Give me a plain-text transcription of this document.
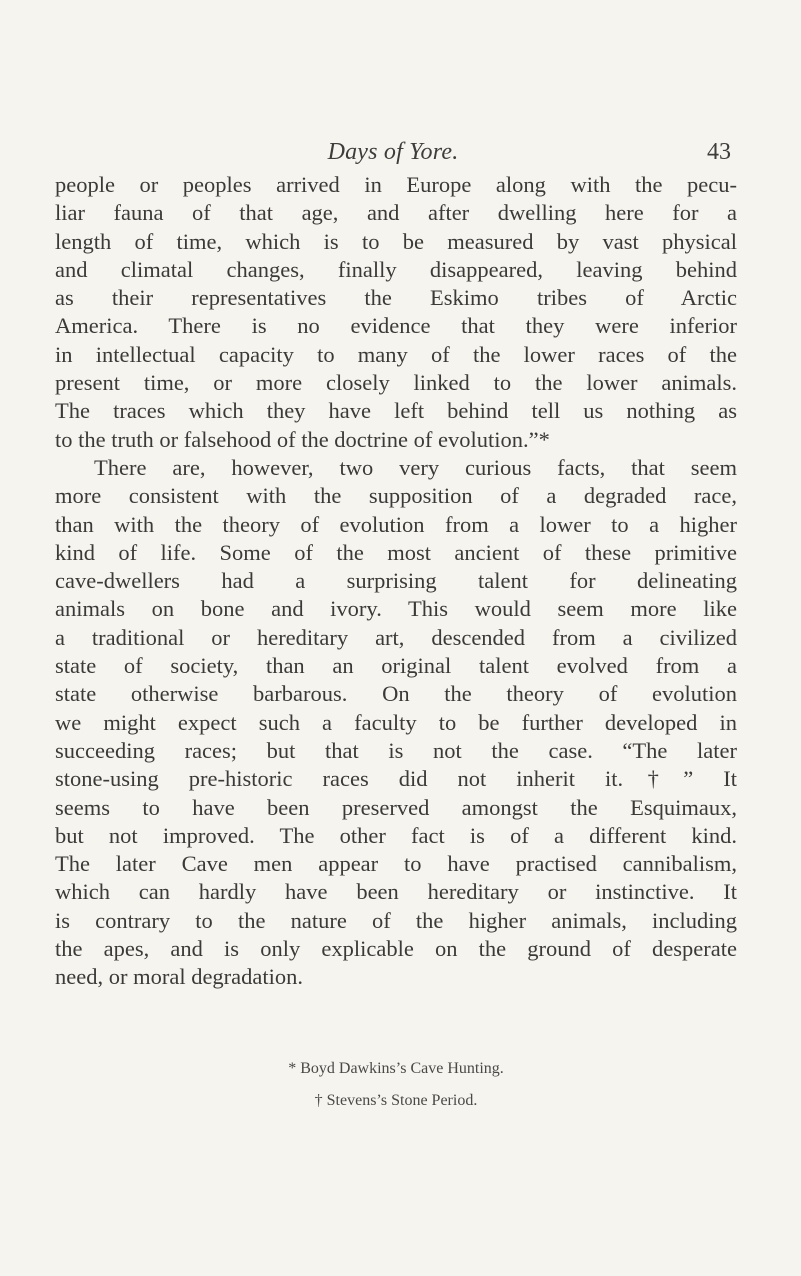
Days of Yore.	43
people or peoples arrived in Europe along with the pecu-
liar fauna of that age, and after dwelling here for a
length of time, which is to be measured by vast physical
and climatal changes, finally disappeared, leaving behind
as their representatives the Eskimo tribes of Arctic
America. There is no evidence that they were inferior
in intellectual capacity to many of the lower races of the
present time, or more closely linked to the lower animals.
The traces which they have left behind tell us nothing as
to the truth or falsehood of the doctrine of evolution.”*
There are, however, two very curious facts, that seem
more consistent with the supposition of a degraded race,
than with the theory of evolution from a lower to a higher
kind of life. Some of the most ancient of these primitive
cave-dwellers had a surprising talent for delineating
animals on bone and ivory. This would seem more like
a traditional or hereditary art, descended from a civilized
state of society, than an original talent evolved from a
state otherwise barbarous. On the theory of evolution
we might expect such a faculty to be further developed in
succeeding races; but that is not the case. “The later
stone-using pre-historic races did not inherit it.†” It
seems to have been preserved amongst the Esquimaux,
but not improved. The other fact is of a different kind.
The later Cave men appear to have practised cannibalism,
which can hardly have been hereditary or instinctive. It
is contrary to the nature of the higher animals, including
the apes, and is only explicable on the ground of desperate
need, or moral degradation.
* Boyd Dawkins’s Cave Hunting.
† Stevens’s Stone Period.
